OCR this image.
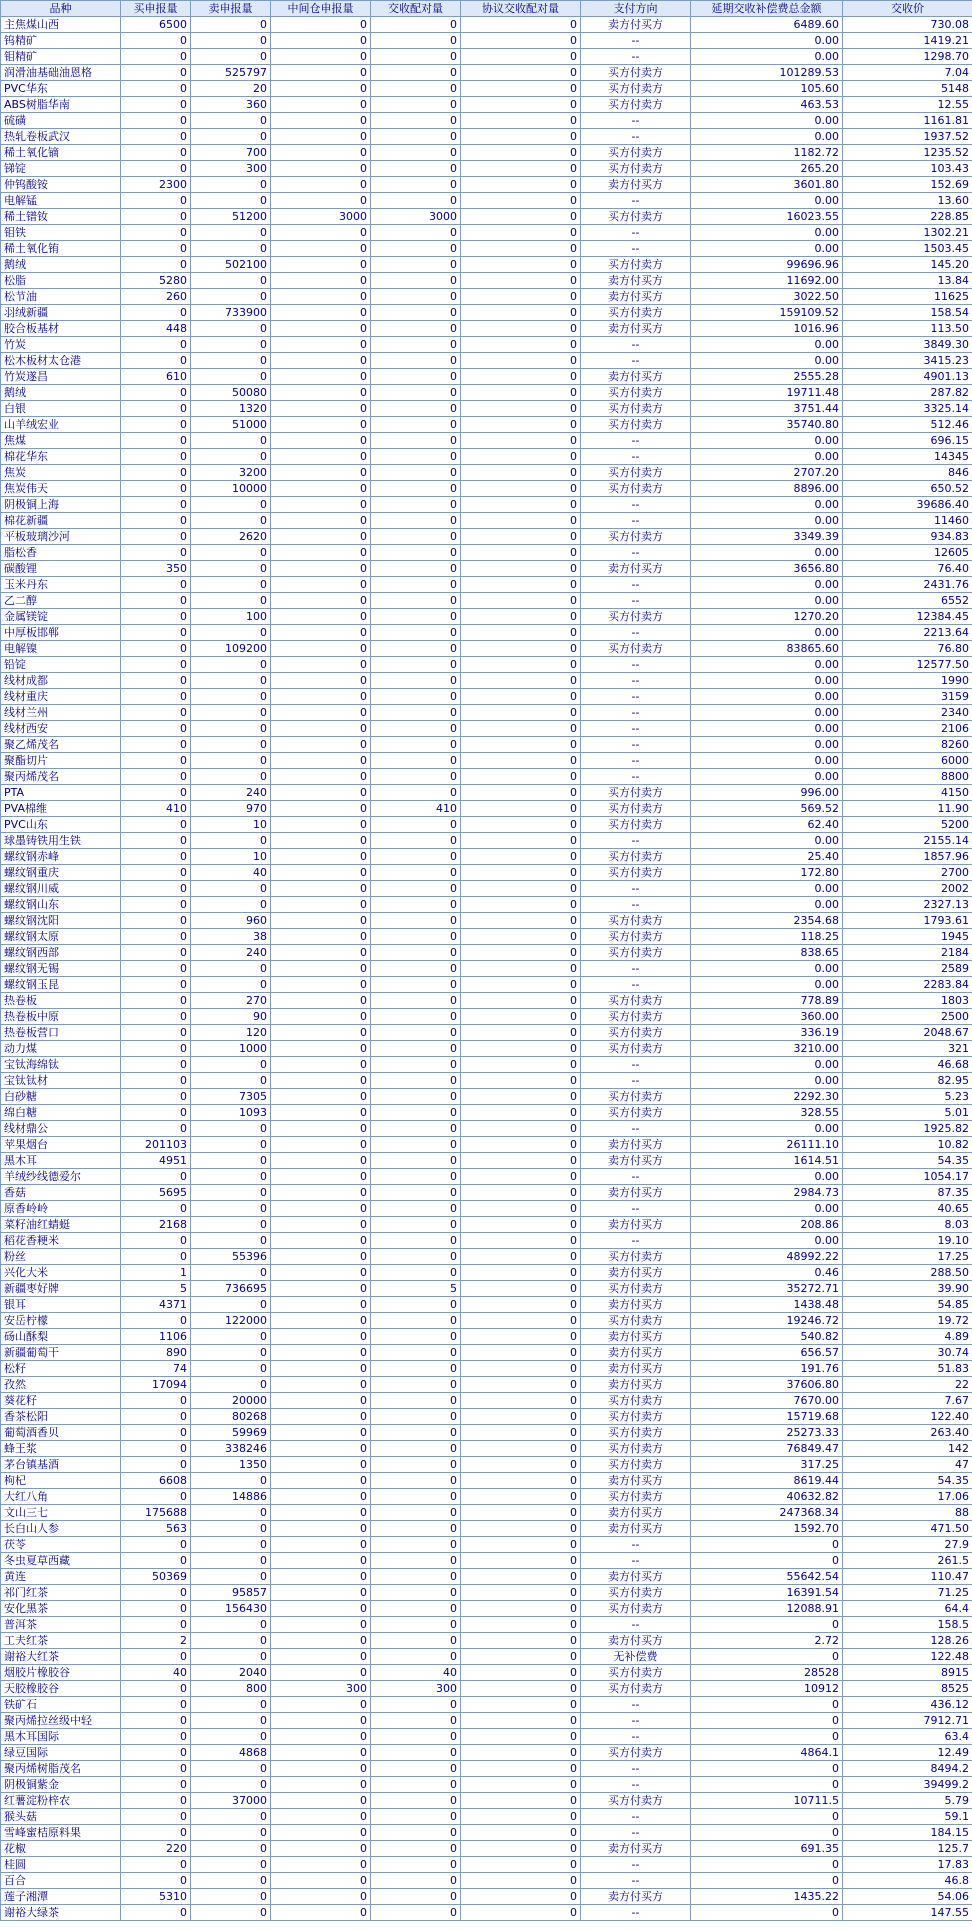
品种	买申报量	卖申报量	中间仓申报量	交收配对量	协议交收配对量	支付方向	延期交收补偿费总金额	交收价
主焦煤山西	6500	0	0	0	0	卖方付买方	6489.60	730.08
钨精矿	0	0	0	0	0	--	0.00	1419.21
钼精矿	0	0	0	0	0	--	0.00	1298.70
润滑油基础油恩格	0	525797	0	0	0	买方付卖方	101289.53	7.04
PVC华东	0	20	0	0	0	买方付卖方	105.60	5148
ABS树脂华南	0	360	0	0	0	买方付卖方	463.53	12.55
硫磺	0	0	0	0	0	--	0.00	1161.81
热轧卷板武汉	0	0	0	0	0	--	0.00	1937.52
稀土氧化镝	0	700	0	0	0	买方付卖方	1182.72	1235.52
锑锭	0	300	0	0	0	买方付卖方	265.20	103.43
仲钨酸铵	2300	0	0	0	0	卖方付买方	3601.80	152.69
电解锰	0	0	0	0	0	--	0.00	13.60
稀土镨钕	0	51200	3000	3000	0	买方付卖方	16023.55	228.85
钼铁	0	0	0	0	0	--	0.00	1302.21
稀土氧化铕	0	0	0	0	0	--	0.00	1503.45
鹅绒	0	502100	0	0	0	买方付卖方	99696.96	145.20
松脂	5280	0	0	0	0	卖方付买方	11692.00	13.84
松节油	260	0	0	0	0	卖方付买方	3022.50	11625
羽绒新疆	0	733900	0	0	0	买方付卖方	159109.52	158.54
胶合板基材	448	0	0	0	0	卖方付买方	1016.96	113.50
竹炭	0	0	0	0	0	--	0.00	3849.30
松木板材太仓港	0	0	0	0	0	--	0.00	3415.23
竹炭遂昌	610	0	0	0	0	卖方付买方	2555.28	4901.13
鹅绒	0	50080	0	0	0	买方付卖方	19711.48	287.82
白银	0	1320	0	0	0	买方付卖方	3751.44	3325.14
山羊绒宏业	0	51000	0	0	0	买方付卖方	35740.80	512.46
焦煤	0	0	0	0	0	--	0.00	696.15
棉花华东	0	0	0	0	0	--	0.00	14345
焦炭	0	3200	0	0	0	买方付卖方	2707.20	846
焦炭伟天	0	10000	0	0	0	买方付卖方	8896.00	650.52
阴极铜上海	0	0	0	0	0	--	0.00	39686.40
棉花新疆	0	0	0	0	0	--	0.00	11460
平板玻璃沙河	0	2620	0	0	0	买方付卖方	3349.39	934.83
脂松香	0	0	0	0	0	--	0.00	12605
碳酸锂	350	0	0	0	0	卖方付买方	3656.80	76.40
玉米丹东	0	0	0	0	0	--	0.00	2431.76
乙二醇	0	0	0	0	0	--	0.00	6552
金属镁锭	0	100	0	0	0	买方付卖方	1270.20	12384.45
中厚板邯郸	0	0	0	0	0	--	0.00	2213.64
电解镍	0	109200	0	0	0	买方付卖方	83865.60	76.80
铅锭	0	0	0	0	0	--	0.00	12577.50
线材成都	0	0	0	0	0	--	0.00	1990
线材重庆	0	0	0	0	0	--	0.00	3159
线材兰州	0	0	0	0	0	--	0.00	2340
线材西安	0	0	0	0	0	--	0.00	2106
聚乙烯茂名	0	0	0	0	0	--	0.00	8260
聚酯切片	0	0	0	0	0	--	0.00	6000
聚丙烯茂名	0	0	0	0	0	--	0.00	8800
PTA	0	240	0	0	0	买方付卖方	996.00	4150
PVA棉维	410	970	0	410	0	买方付卖方	569.52	11.90
PVC山东	0	10	0	0	0	买方付卖方	62.40	5200
球墨铸铁用生铁	0	0	0	0	0	--	0.00	2155.14
螺纹钢赤峰	0	10	0	0	0	买方付卖方	25.40	1857.96
螺纹钢重庆	0	40	0	0	0	买方付卖方	172.80	2700
螺纹钢川威	0	0	0	0	0	--	0.00	2002
螺纹钢山东	0	0	0	0	0	--	0.00	2327.13
螺纹钢沈阳	0	960	0	0	0	买方付卖方	2354.68	1793.61
螺纹钢太原	0	38	0	0	0	买方付卖方	118.25	1945
螺纹钢西部	0	240	0	0	0	买方付卖方	838.65	2184
螺纹钢无锡	0	0	0	0	0	--	0.00	2589
螺纹钢玉昆	0	0	0	0	0	--	0.00	2283.84
热卷板	0	270	0	0	0	买方付卖方	778.89	1803
热卷板中原	0	90	0	0	0	买方付卖方	360.00	2500
热卷板营口	0	120	0	0	0	买方付卖方	336.19	2048.67
动力煤	0	1000	0	0	0	买方付卖方	3210.00	321
宝钛海绵钛	0	0	0	0	0	--	0.00	46.68
宝钛钛材	0	0	0	0	0	--	0.00	82.95
白砂糖	0	7305	0	0	0	买方付卖方	2292.30	5.23
绵白糖	0	1093	0	0	0	买方付卖方	328.55	5.01
线材鼎公	0	0	0	0	0	--	0.00	1925.82
苹果烟台	201103	0	0	0	0	卖方付买方	26111.10	10.82
黑木耳	4951	0	0	0	0	卖方付买方	1614.51	54.35
羊绒纱线德爱尔	0	0	0	0	0	--	0.00	1054.17
香菇	5695	0	0	0	0	卖方付买方	2984.73	87.35
原香岭岭	0	0	0	0	0	--	0.00	40.65
菜籽油红蜻蜓	2168	0	0	0	0	卖方付买方	208.86	8.03
稻花香粳米	0	0	0	0	0	--	0.00	19.10
粉丝	0	55396	0	0	0	买方付卖方	48992.22	17.25
兴化大米	1	0	0	0	0	卖方付买方	0.46	288.50
新疆枣好牌	5	736695	0	5	0	买方付卖方	35272.71	39.90
银耳	4371	0	0	0	0	卖方付买方	1438.48	54.85
安岳柠檬	0	122000	0	0	0	买方付卖方	19246.72	19.72
砀山酥梨	1106	0	0	0	0	卖方付买方	540.82	4.89
新疆葡萄干	890	0	0	0	0	卖方付买方	656.57	30.74
松籽	74	0	0	0	0	卖方付买方	191.76	51.83
孜然	17094	0	0	0	0	卖方付买方	37606.80	22
葵花籽	0	20000	0	0	0	买方付卖方	7670.00	7.67
香茶松阳	0	80268	0	0	0	买方付卖方	15719.68	122.40
葡萄酒香贝	0	59969	0	0	0	买方付卖方	25273.33	263.40
蜂王浆	0	338246	0	0	0	买方付卖方	76849.47	142
茅台镇基酒	0	1350	0	0	0	买方付卖方	317.25	47
枸杞	6608	0	0	0	0	卖方付买方	8619.44	54.35
大红八角	0	14886	0	0	0	买方付卖方	40632.82	17.06
文山三七	175688	0	0	0	0	卖方付买方	247368.34	88
长白山人参	563	0	0	0	0	卖方付买方	1592.70	471.50
茯苓	0	0	0	0	0	--	0	27.9
冬虫夏草西藏	0	0	0	0	0	--	0	261.5
黄连	50369	0	0	0	0	卖方付买方	55642.54	110.47
祁门红茶	0	95857	0	0	0	买方付卖方	16391.54	71.25
安化黑茶	0	156430	0	0	0	买方付卖方	12088.91	64.4
普洱茶	0	0	0	0	0	--	0	158.5
工夫红茶	2	0	0	0	0	卖方付买方	2.72	128.26
谢裕大红茶	0	0	0	0	0	无补偿费	0	122.48
烟胶片橡胶谷	40	2040	0	40	0	买方付卖方	28528	8915
天胶橡胶谷	0	800	300	300	0	买方付卖方	10912	8525
铁矿石	0	0	0	0	0	--	0	436.12
聚丙烯拉丝级中轻	0	0	0	0	0	--	0	7912.71
黑木耳国际	0	0	0	0	0	--	0	63.4
绿豆国际	0	4868	0	0	0	买方付卖方	4864.1	12.49
聚丙烯树脂茂名	0	0	0	0	0	--	0	8494.2
阴极铜紫金	0	0	0	0	0	--	0	39499.2
红薯淀粉梓农	0	37000	0	0	0	买方付卖方	10711.5	5.79
猴头菇	0	0	0	0	0	--	0	59.1
雪峰蜜桔原料果	0	0	0	0	0	--	0	184.15
花椒	220	0	0	0	0	卖方付买方	691.35	125.7
桂圆	0	0	0	0	0	--	0	17.83
百合	0	0	0	0	0	--	0	46.8
莲子湘潭	5310	0	0	0	0	卖方付买方	1435.22	54.06
谢裕大绿茶	0	0	0	0	0	--	0	147.55
